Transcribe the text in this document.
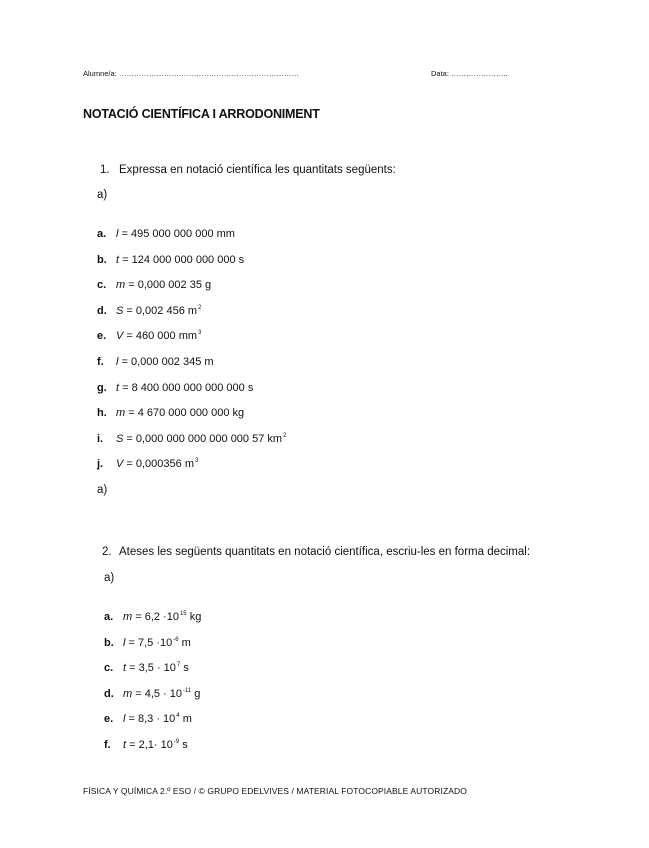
Alumne/a: ………………………………………………………………	Data: …………………..
NOTACIÓ CIENTÍFICA I ARRODONIMENT
1. Expressa en notació científica les quantitats següents:
a)
a. l = 495 000 000 000 mm
b. t = 124 000 000 000 000 s
c. m = 0,000 002 35 g
d. S = 0,002 456 $m^2$
e. V = 460 000 $mm^3$
f. l = 0,000 002 345 m
g. t = 8 400 000 000 000 000 s
h. m = 4 670 000 000 000 kg
i. S = 0,000 000 000 000 000 57 $km^2$
j. V = 0,000356 $m^3$
a)
2. Ateses les següents quantitats en notació científica, escriu-les en forma decimal:
a)
a. $m = 6,2 \cdot 10^{15}$ kg
b. $l = 7,5 \cdot 10^{-6}$ m
c. $t = 3,5 \cdot 10^7$ s
d. $m = 4,5 \cdot 10^{-11}$ g
e. $l = 8,3 \cdot 10^4$ m
f. $t = 2,1\cdot 10^{-9}$ s
FÍSICA Y QUÍMICA 2.º ESO / © GRUPO EDELVIVES / MATERIAL FOTOCOPIABLE AUTORIZADO
